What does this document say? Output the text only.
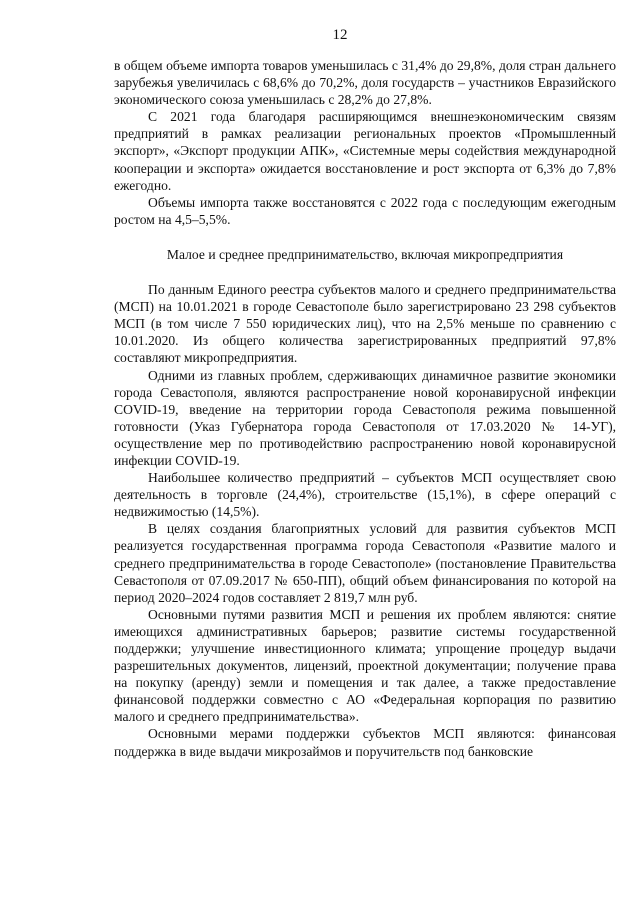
12

в общем объеме импорта товаров уменьшилась с 31,4% до 29,8%, доля стран дальнего зарубежья увеличилась с 68,6% до 70,2%, доля государств – участников Евразийского экономического союза уменьшилась с 28,2% до 27,8%.

С 2021 года благодаря расширяющимся внешнеэкономическим связям предприятий в рамках реализации региональных проектов «Промышленный экспорт», «Экспорт продукции АПК», «Системные меры содействия международной кооперации и экспорта» ожидается восстановление и рост экспорта от 6,3% до 7,8% ежегодно.

Объемы импорта также восстановятся с 2022 года с последующим ежегодным ростом на 4,5–5,5%.

Малое и среднее предпринимательство, включая микропредприятия

По данным Единого реестра субъектов малого и среднего предпринимательства (МСП) на 10.01.2021 в городе Севастополе было зарегистрировано 23 298 субъектов МСП (в том числе 7 550 юридических лиц), что на 2,5% меньше по сравнению с 10.01.2020. Из общего количества зарегистрированных предприятий 97,8% составляют микропредприятия.

Одними из главных проблем, сдерживающих динамичное развитие экономики города Севастополя, являются распространение новой коронавирусной инфекции COVID-19, введение на территории города Севастополя режима повышенной готовности (Указ Губернатора города Севастополя от 17.03.2020 № 14-УГ), осуществление мер по противодействию распространению новой коронавирусной инфекции COVID-19.

Наибольшее количество предприятий – субъектов МСП осуществляет свою деятельность в торговле (24,4%), строительстве (15,1%), в сфере операций с недвижимостью (14,5%).

В целях создания благоприятных условий для развития субъектов МСП реализуется государственная программа города Севастополя «Развитие малого и среднего предпринимательства в городе Севастополе» (постановление Правительства Севастополя от 07.09.2017 № 650-ПП), общий объем финансирования по которой на период 2020–2024 годов составляет 2 819,7 млн руб.

Основными путями развития МСП и решения их проблем являются: снятие имеющихся административных барьеров; развитие системы государственной поддержки; улучшение инвестиционного климата; упрощение процедур выдачи разрешительных документов, лицензий, проектной документации; получение права на покупку (аренду) земли и помещения и так далее, а также предоставление финансовой поддержки совместно с АО «Федеральная корпорация по развитию малого и среднего предпринимательства».

Основными мерами поддержки субъектов МСП являются: финансовая поддержка в виде выдачи микрозаймов и поручительств под банковские
